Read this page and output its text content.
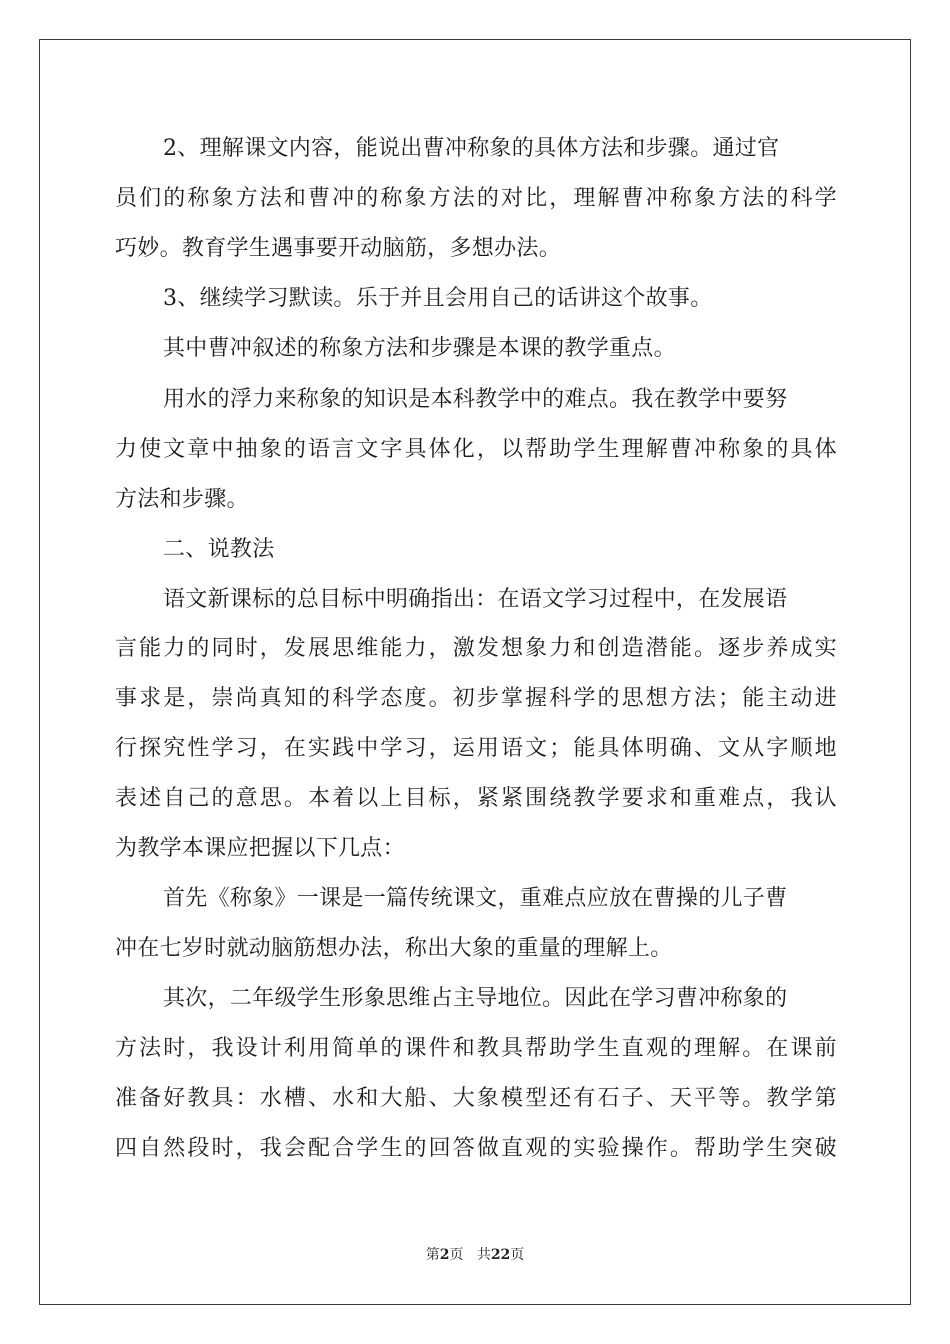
2、理解课文内容，能说出曹冲称象的具体方法和步骤。通过官
员们的称象方法和曹冲的称象方法的对比，理解曹冲称象方法的科学
巧妙。教育学生遇事要开动脑筋，多想办法。
3、继续学习默读。乐于并且会用自己的话讲这个故事。
其中曹冲叙述的称象方法和步骤是本课的教学重点。
用水的浮力来称象的知识是本科教学中的难点。我在教学中要努
力使文章中抽象的语言文字具体化，以帮助学生理解曹冲称象的具体
方法和步骤。
二、说教法
语文新课标的总目标中明确指出：在语文学习过程中，在发展语
言能力的同时，发展思维能力，激发想象力和创造潜能。逐步养成实
事求是，崇尚真知的科学态度。初步掌握科学的思想方法；能主动进
行探究性学习，在实践中学习，运用语文；能具体明确、文从字顺地
表述自己的意思。本着以上目标，紧紧围绕教学要求和重难点，我认
为教学本课应把握以下几点：
首先《称象》一课是一篇传统课文，重难点应放在曹操的儿子曹
冲在七岁时就动脑筋想办法，称出大象的重量的理解上。
其次，二年级学生形象思维占主导地位。因此在学习曹冲称象的
方法时，我设计利用简单的课件和教具帮助学生直观的理解。在课前
准备好教具：水槽、水和大船、大象模型还有石子、天平等。教学第
四自然段时，我会配合学生的回答做直观的实验操作。帮助学生突破
第2页 共22页
